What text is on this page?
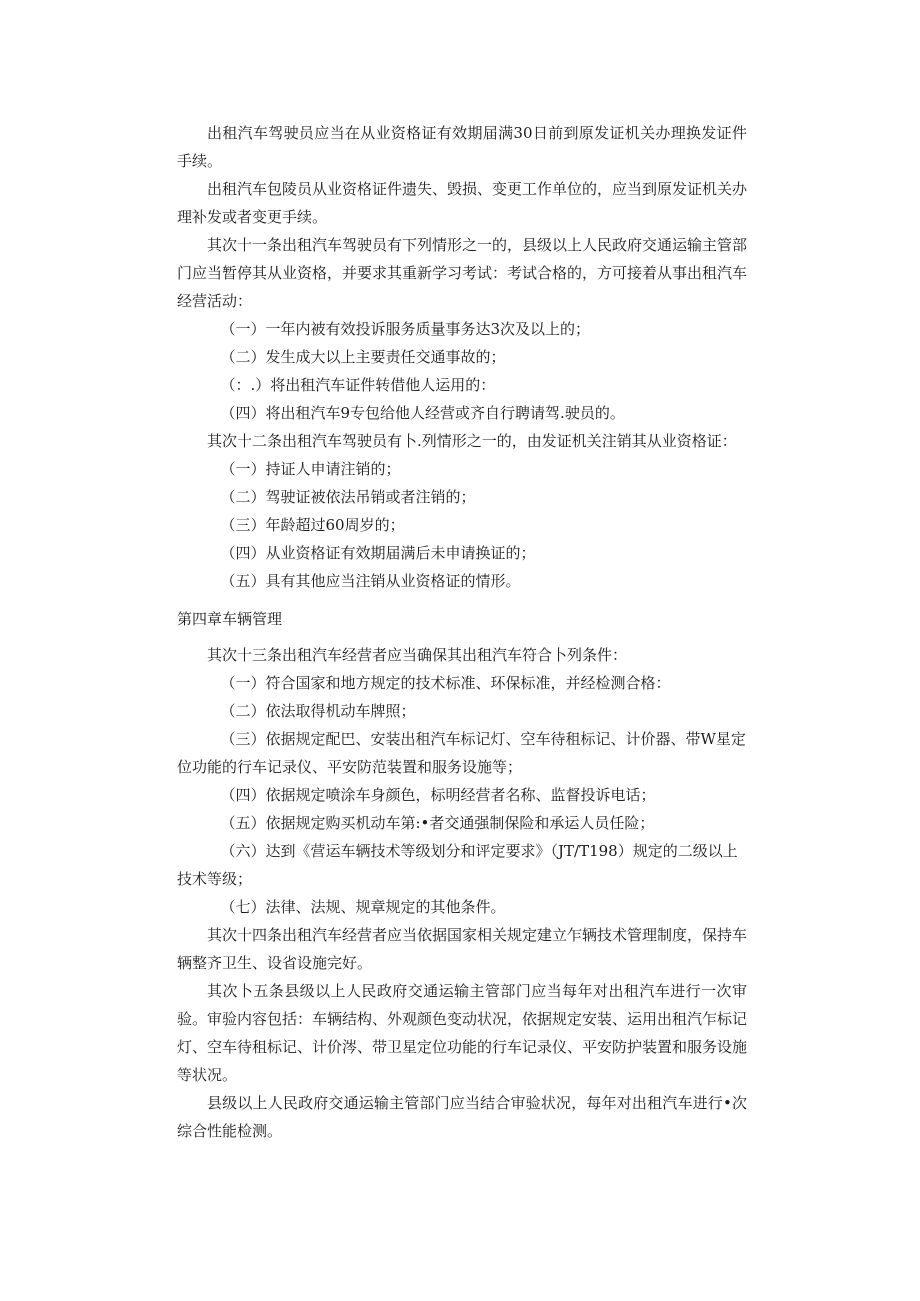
出租汽车驾驶员应当在从业资格证有效期届满30日前到原发证机关办理换发证件手续。

出租汽车包陵员从业资格证件遗失、毁损、变更工作单位的，应当到原发证机关办理补发或者变更手续。

其次十一条出租汽车驾驶员有下列情形之一的，县级以上人民政府交通运输主管部门应当暂停其从业资格，并要求其重新学习考试：考试合格的，方可接着从事出租汽车经营活动：

（一）一年内被有效投诉服务质量事务达3次及以上的；

（二）发生成大以上主要责任交通事故的；

（：.）将出租汽车证件转借他人运用的：

（四）将出租汽车9专包给他人经营或齐自行聘请驾.驶员的。

其次十二条出租汽车驾驶员有卜.列情形之一的，由发证机关注销其从业资格证：

（一）持证人申请注销的；

（二）驾驶证被依法吊销或者注销的；

（三）年龄超过60周岁的；

（四）从业资格证有效期届满后未申请换证的；

（五）具有其他应当注销从业资格证的情形。

第四章车辆管理

其次十三条出租汽车经营者应当确保其出租汽车符合卜列条件：

（一）符合国家和地方规定的技术标准、环保标准，并经检测合格：

（二）依法取得机动车牌照；

（三）依据规定配巴、安装出租汽车标记灯、空车待租标记、计价器、带W星定位功能的行车记录仪、平安防范装置和服务设施等；

（四）依据规定喷涂车身颜色，标明经营者名称、监督投诉电话；

（五）依据规定购买机动车第:•者交通强制保险和承运人员任险；

（六）达到《营运车辆技术等级划分和评定要求》（JT/T198）规定的二级以上技术等级；

（七）法律、法规、规章规定的其他条件。

其次十四条出租汽车经营者应当依据国家相关规定建立乍辆技术管理制度，保持车辆整齐卫生、设省设施完好。

其次卜五条县级以上人民政府交通运输主管部门应当每年对出租汽车进行一次审验。审验内容包括：车辆结构、外观颜色变动状况，依据规定安装、运用出租汽乍标记灯、空车待租标记、计价涔、带卫星定位功能的行车记录仪、平安防护装置和服务设施等状况。

县级以上人民政府交通运输主管部门应当结合审验状况，每年对出租汽车进行•次综合性能检测。
